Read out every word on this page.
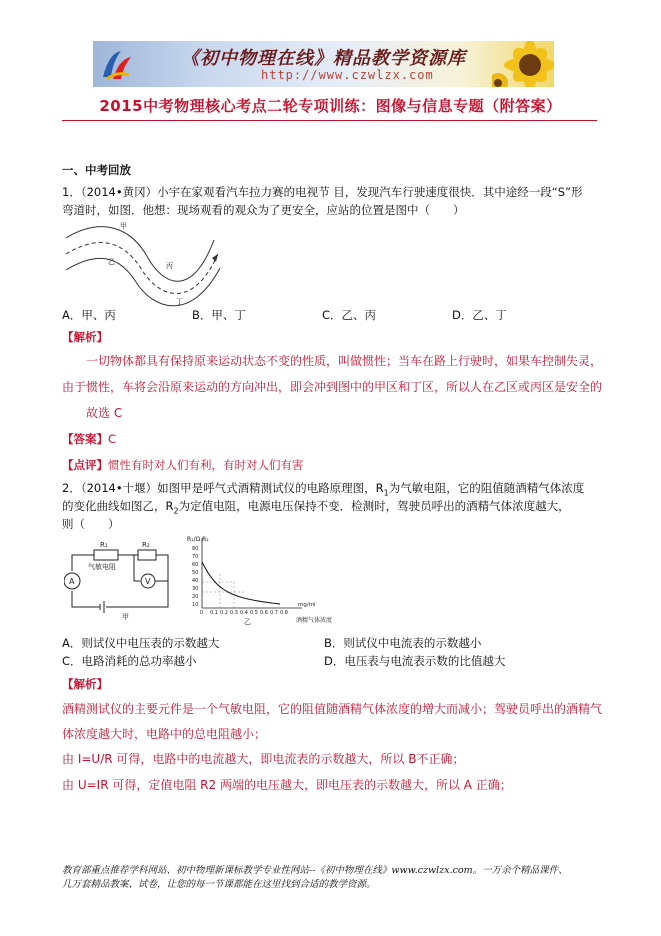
《初中物理在线》精品教学资源库
http://www.czwlzx.com
2015中考物理核心考点二轮专项训练：图像与信息专题（附答案）
一、中考回放
1．（2014•黄冈）小宇在家观看汽车拉力赛的电视节 目，发现汽车行驶速度很快．其中途经一段“S”形
弯道时，如图．他想：现场观看的观众为了更安全，应站的位置是图中（　　）
甲
乙	丙
丁
A．甲、丙	B．甲、丁	C．乙、丙	D．乙、丁
【解析】
一切物体都具有保持原来运动状态不变的性质，叫做惯性；当车在路上行驶时，如果车控制失灵，
由于惯性，车将会沿原来运动的方向冲出，即会冲到图中的甲区和丁区，所以人在乙区或丙区是安全的
故选 C
【答案】C
【点评】惯性有时对人们有利，有时对人们有害
2．（2014•十堰）如图甲是呼气式酒精测试仪的电路原理图，$R_1$为气敏电阻，它的阻值随酒精气体浓度
的变化曲线如图乙，$R_2$为定值电阻，电源电压保持不变．检测时，驾驶员呼出的酒精气体浓度越大，
则（　　）
R₁	R₂
气敏电阻
A	V
甲
R₁/Ω R₂
80
70
60
50
40
30
20
10
0 0.1 0.2 0.3 0.4 0.5 0.6 0.7 0.8
mg/ml
酒精气体浓度
乙
A．则试仪中电压表的示数越大	B．则试仪中电流表的示数越小
C．电路消耗的总功率越小	D．电压表与电流表示数的比值越大
【解析】
酒精测试仪的主要元件是一个气敏电阻，它的阻值随酒精气体浓度的增大而减小；驾驶员呼出的酒精气
体浓度越大时，电路中的总电阻越小；
由 I=U/R 可得，电路中的电流越大，即电流表的示数越大，所以 B不正确；
由 U=IR 可得，定值电阻 R2 两端的电压越大，即电压表的示数越大，所以 A 正确；
教育部重点推荐学科网站、初中物理新课标教学专业性网站--《初中物理在线》www.czwlzx.com。一万余个精品课件、
几万套精品教案、试卷，让您的每一节课都能在这里找到合适的教学资源。
